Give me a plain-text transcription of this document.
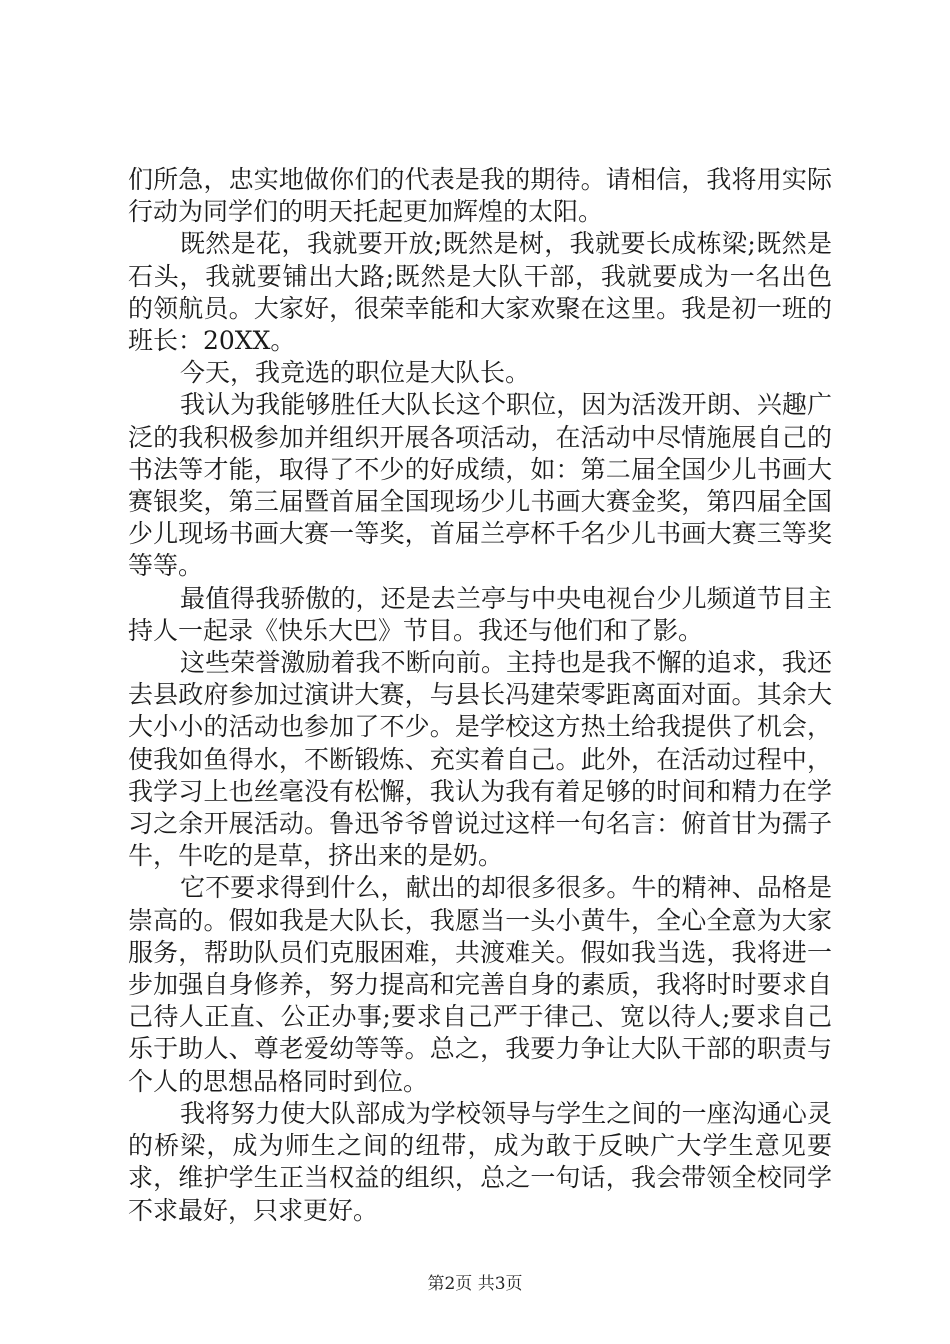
们所急，忠实地做你们的代表是我的期待。请相信，我将用实际行动为同学们的明天托起更加辉煌的太阳。

既然是花，我就要开放;既然是树，我就要长成栋梁;既然是石头，我就要铺出大路;既然是大队干部，我就要成为一名出色的领航员。大家好，很荣幸能和大家欢聚在这里。我是初一班的班长：20XX。

今天，我竞选的职位是大队长。

我认为我能够胜任大队长这个职位，因为活泼开朗、兴趣广泛的我积极参加并组织开展各项活动，在活动中尽情施展自己的书法等才能，取得了不少的好成绩，如：第二届全国少儿书画大赛银奖，第三届暨首届全国现场少儿书画大赛金奖，第四届全国少儿现场书画大赛一等奖，首届兰亭杯千名少儿书画大赛三等奖等等。

最值得我骄傲的，还是去兰亭与中央电视台少儿频道节目主持人一起录《快乐大巴》节目。我还与他们和了影。

这些荣誉激励着我不断向前。主持也是我不懈的追求，我还去县政府参加过演讲大赛，与县长冯建荣零距离面对面。其余大大小小的活动也参加了不少。是学校这方热土给我提供了机会，使我如鱼得水，不断锻炼、充实着自己。此外，在活动过程中，我学习上也丝毫没有松懈，我认为我有着足够的时间和精力在学习之余开展活动。鲁迅爷爷曾说过这样一句名言：俯首甘为孺子牛，牛吃的是草，挤出来的是奶。

它不要求得到什么，献出的却很多很多。牛的精神、品格是崇高的。假如我是大队长，我愿当一头小黄牛，全心全意为大家服务，帮助队员们克服困难，共渡难关。假如我当选，我将进一步加强自身修养，努力提高和完善自身的素质，我将时时要求自己待人正直、公正办事;要求自己严于律己、宽以待人;要求自己乐于助人、尊老爱幼等等。总之，我要力争让大队干部的职责与个人的思想品格同时到位。

我将努力使大队部成为学校领导与学生之间的一座沟通心灵的桥梁，成为师生之间的纽带，成为敢于反映广大学生意见要求，维护学生正当权益的组织，总之一句话，我会带领全校同学不求最好，只求更好。

第2页 共3页
